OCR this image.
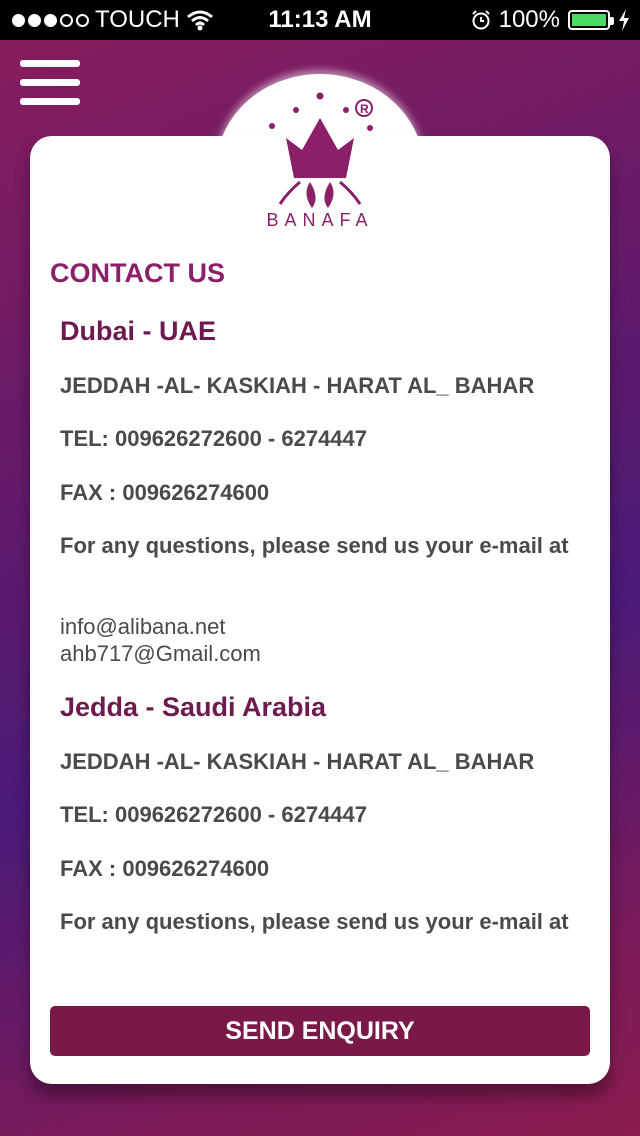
TOUCH	11:13 AM	100%
R
BANAFA
CONTACT US
Dubai - UAE
JEDDAH -AL- KASKIAH - HARAT AL_ BAHAR
TEL: 009626272600 - 6274447
FAX : 009626274600
For any questions, please send us your e-mail at
info@alibana.net
ahb717@Gmail.com
Jedda - Saudi Arabia
JEDDAH -AL- KASKIAH - HARAT AL_ BAHAR
TEL: 009626272600 - 6274447
FAX : 009626274600
For any questions, please send us your e-mail at
SEND ENQUIRY
